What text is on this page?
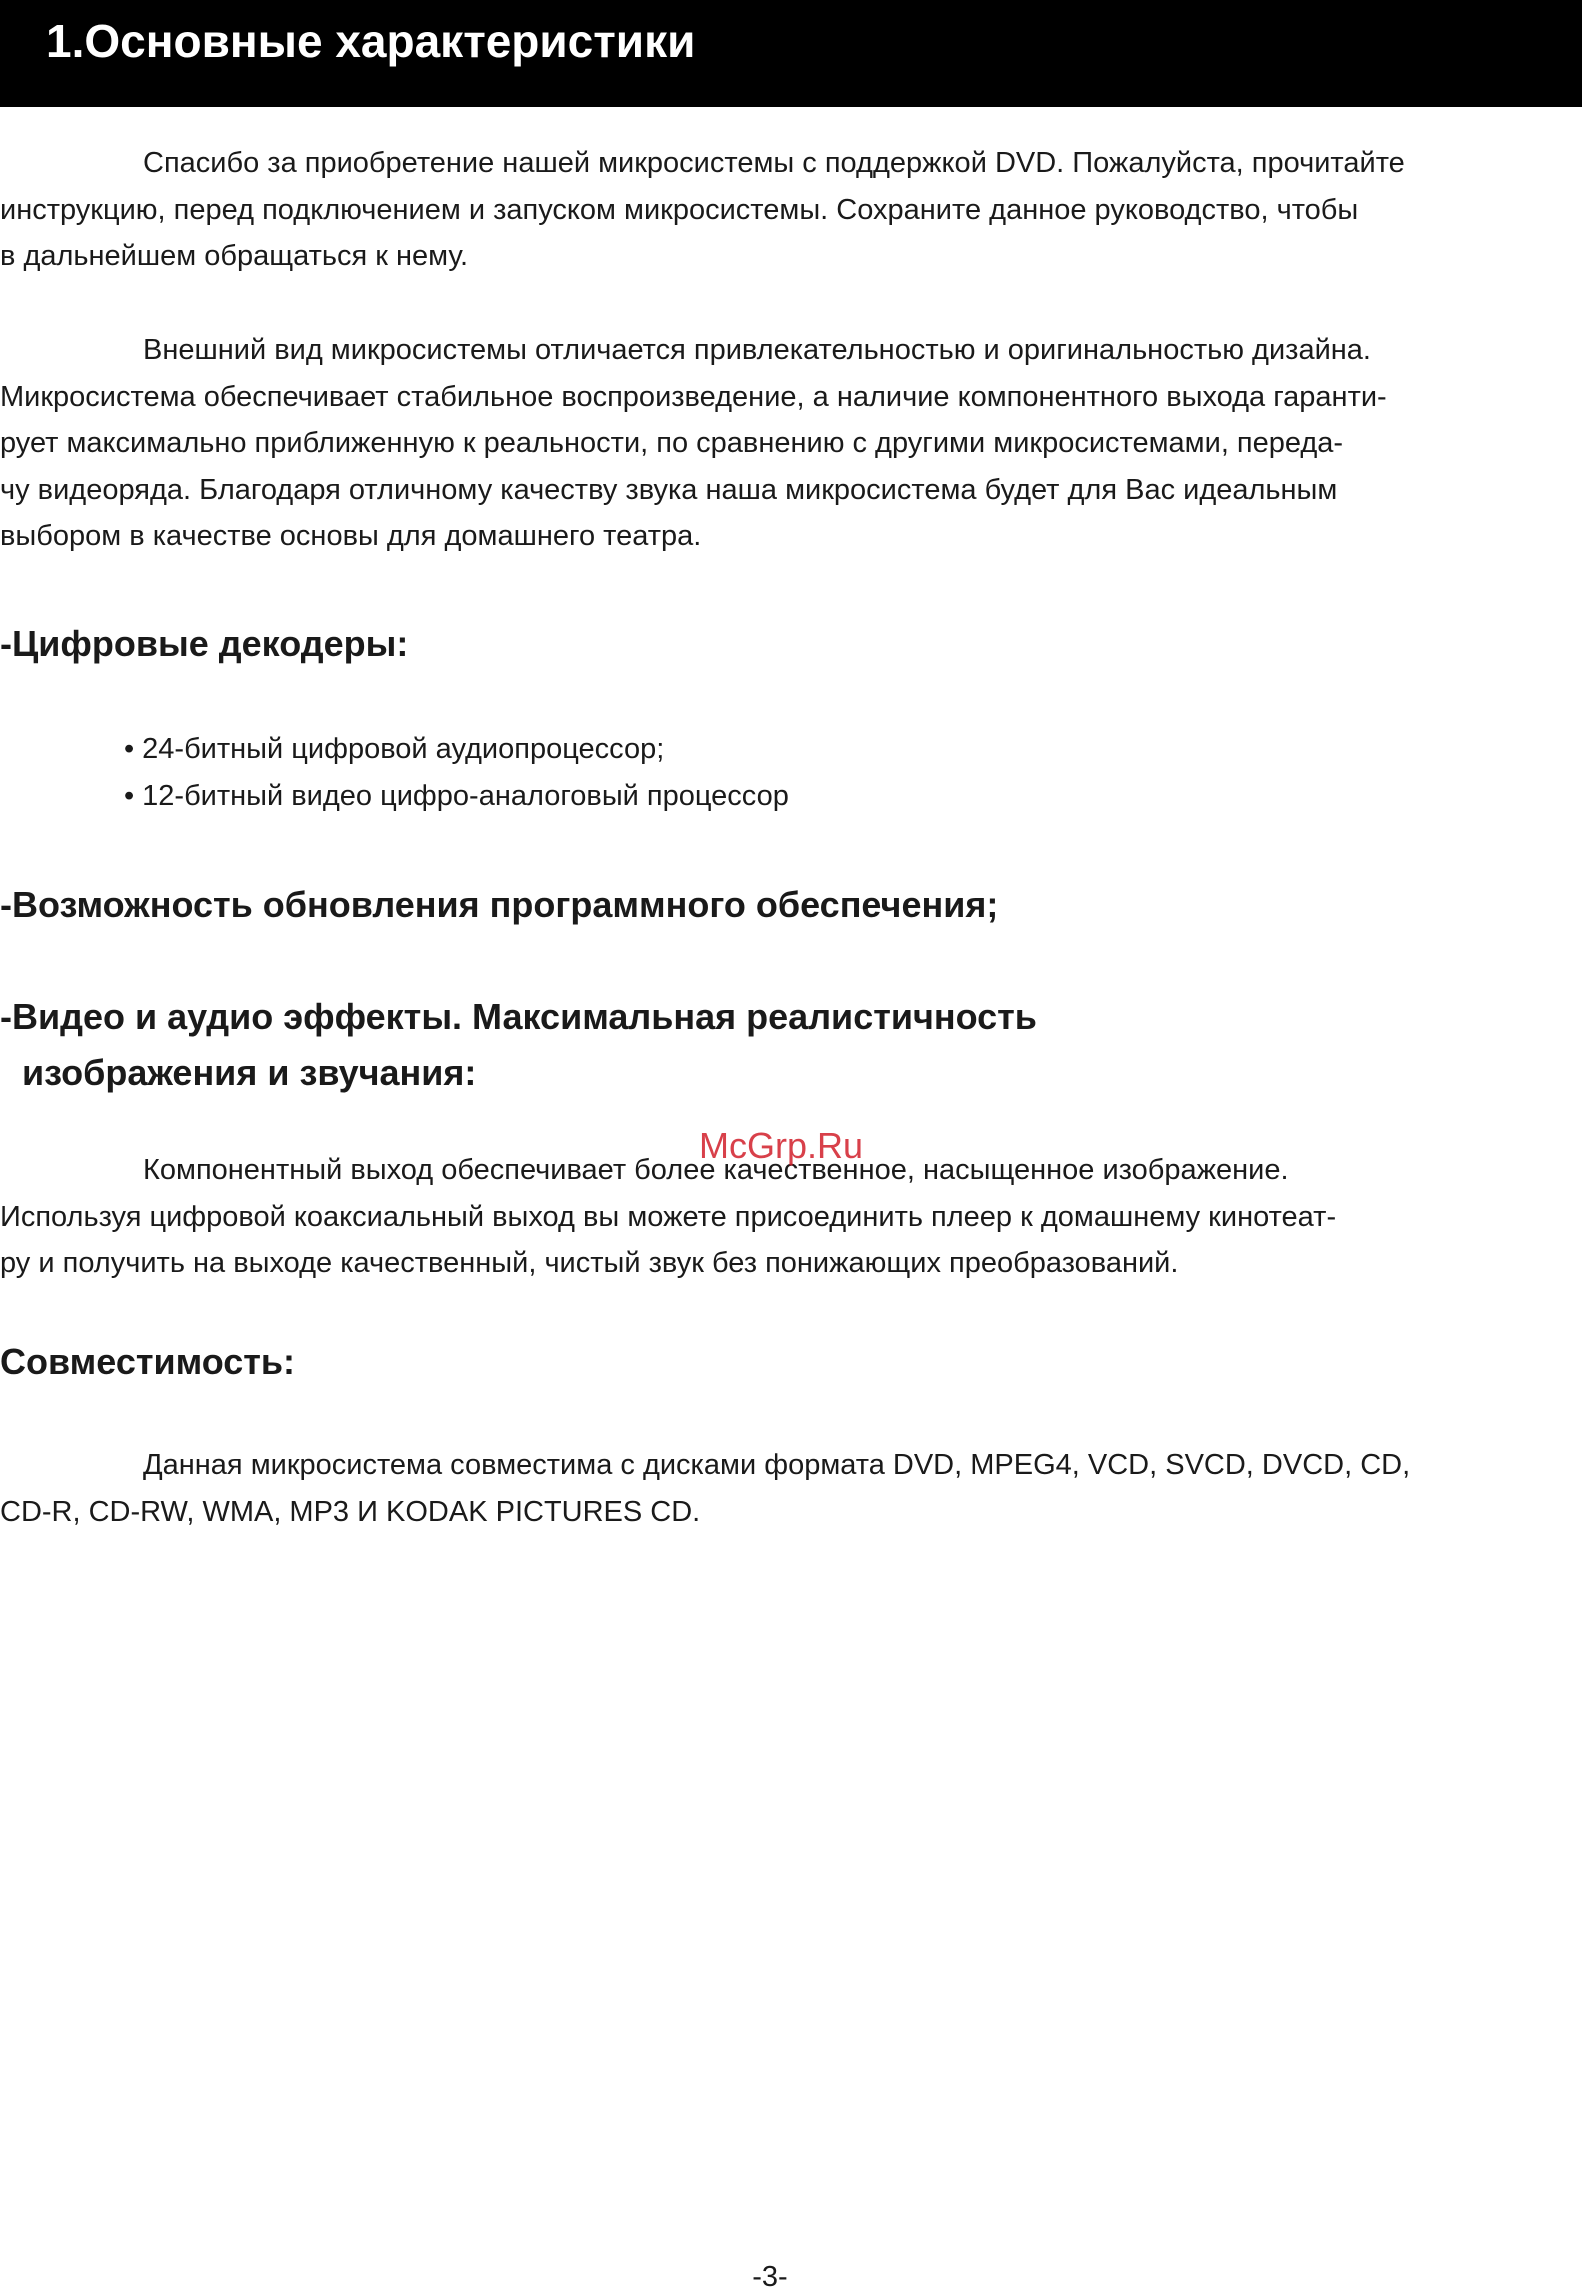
1.Основные характеристики
Спасибо за приобретение нашей микросистемы с поддержкой DVD. Пожалуйста, прочитайте
инструкцию, перед подключением и запуском микросистемы. Сохраните данное руководство, чтобы
в дальнейшем обращаться к нему.
Внешний вид микросистемы отличается привлекательностью и оригинальностью дизайна.
Микросистема обеспечивает стабильное воспроизведение, а наличие компонентного выхода гаранти-
рует максимально приближенную к реальности, по сравнению с другими микросистемами, переда-
чу видеоряда. Благодаря отличному качеству звука наша микросистема будет для Вас идеальным
выбором в качестве основы для домашнего театра.
-Цифровые декодеры:
• 24-битный цифровой аудиопроцессор;
• 12-битный видео цифро-аналоговый процессор
-Возможность обновления программного обеспечения;
-Видео и аудио эффекты. Максимальная реалистичность
изображения и звучания:
Компонентный выход обеспечивает более качественное, насыщенное изображение.
Используя цифровой коаксиальный выход вы можете присоединить плеер к домашнему кинотеат-
ру и получить на выходе качественный, чистый звук без понижающих преобразований.
Совместимость:
Данная микросистема совместима с дисками формата DVD, MPEG4, VCD, SVCD, DVCD, CD,
CD-R, CD-RW, WMA, MP3 И KODAK PICTURES CD.
McGrp.Ru
-3-
